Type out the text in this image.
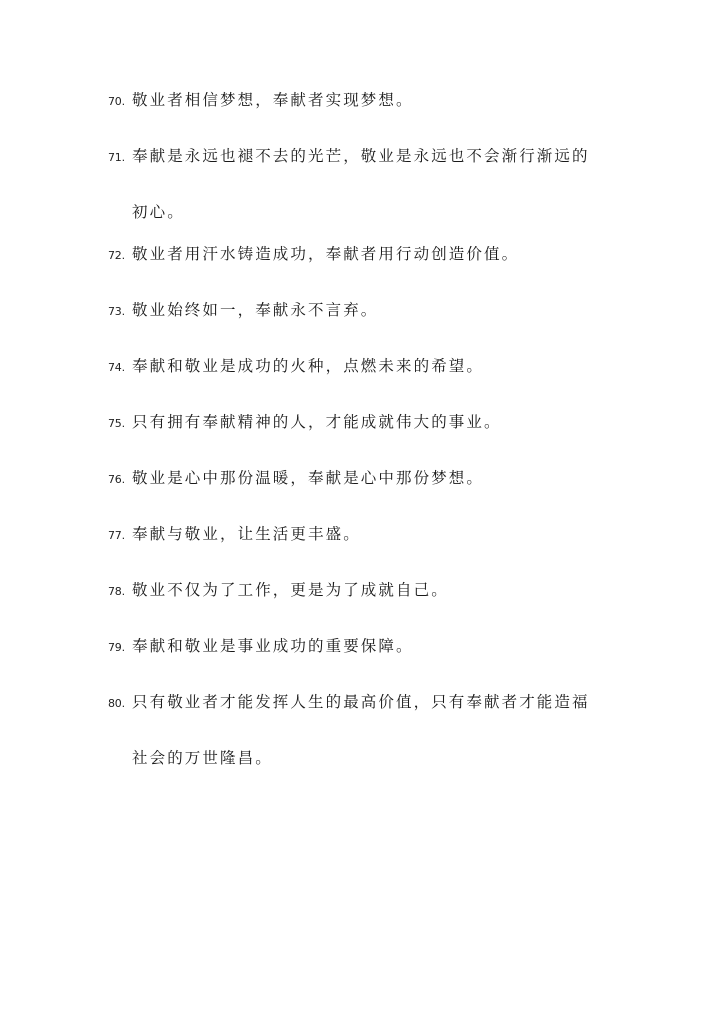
70. 敬业者相信梦想，奉献者实现梦想。
71. 奉献是永远也褪不去的光芒，敬业是永远也不会渐行渐远的
初心。
72. 敬业者用汗水铸造成功，奉献者用行动创造价值。
73. 敬业始终如一，奉献永不言弃。
74. 奉献和敬业是成功的火种，点燃未来的希望。
75. 只有拥有奉献精神的人，才能成就伟大的事业。
76. 敬业是心中那份温暖，奉献是心中那份梦想。
77. 奉献与敬业，让生活更丰盛。
78. 敬业不仅为了工作，更是为了成就自己。
79. 奉献和敬业是事业成功的重要保障。
80. 只有敬业者才能发挥人生的最高价值，只有奉献者才能造福
社会的万世隆昌。
